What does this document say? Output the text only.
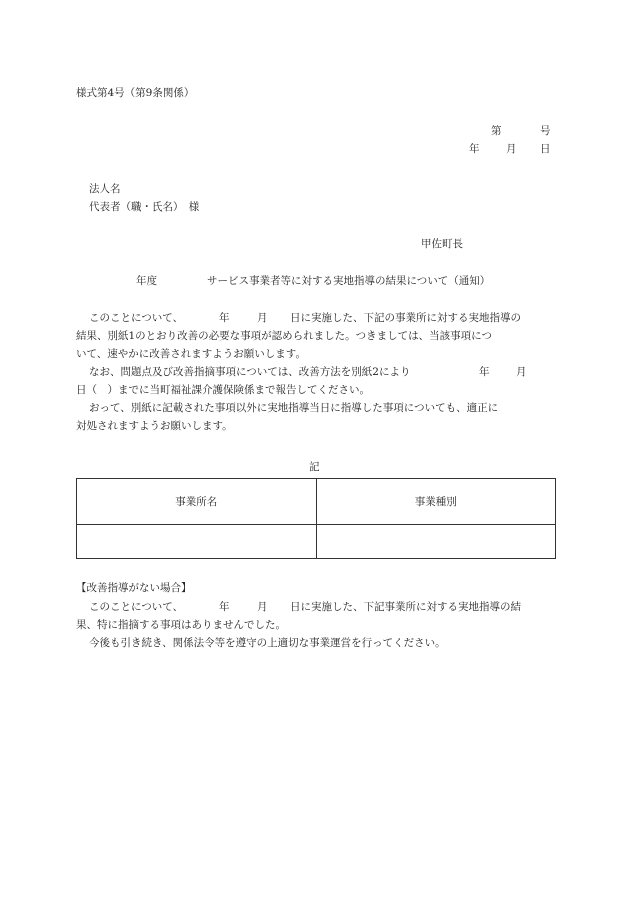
様式第4号（第9条関係）
第	号
年	月 日
法人名
代表者（職・氏名）　様
甲佐町長
年度	サービス事業者等に対する実地指導の結果について（通知）
このことについて、	年	月 日に実施した、下記の事業所に対する実地指導の
結果、別紙1のとおり改善の必要な事項が認められました。つきましては、当該事項につ
いて、速やかに改善されますようお願いします。
なお、問題点及び改善指摘事項については、改善方法を別紙2により	年	月
日（　）までに当町福祉課介護保険係まで報告してください。
おって、別紙に記載された事項以外に実地指導当日に指導した事項についても、適正に
対処されますようお願いします。
記
事業所名	事業種別

【改善指導がない場合】
このことについて、	年	月 日に実施した、下記事業所に対する実地指導の結
果、特に指摘する事項はありませんでした。
今後も引き続き、関係法令等を遵守の上適切な事業運営を行ってください。
